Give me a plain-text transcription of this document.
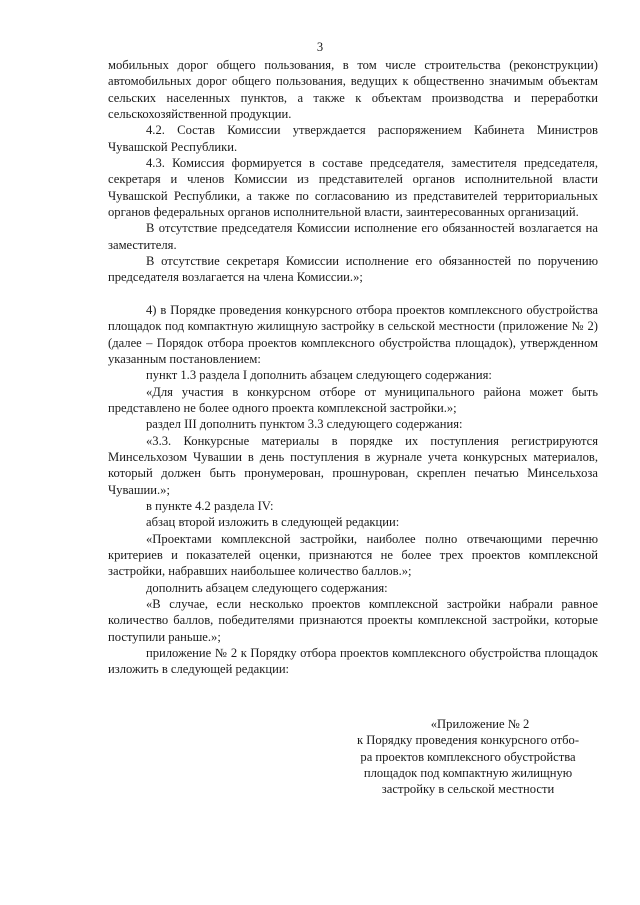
3

мобильных дорог общего пользования, в том числе строительства (реконструкции) автомобильных дорог общего пользования, ведущих к общественно значимым объектам сельских населенных пунктов, а также к объектам производства и переработки сельскохозяйственной продукции.

4.2. Состав Комиссии утверждается распоряжением Кабинета Министров Чувашской Республики.

4.3. Комиссия формируется в составе председателя, заместителя председателя, секретаря и членов Комиссии из представителей органов исполнительной власти Чувашской Республики, а также по согласованию из представителей территориальных органов федеральных органов исполнительной власти, заинтересованных организаций.

В отсутствие председателя Комиссии исполнение его обязанностей возлагается на заместителя.

В отсутствие секретаря Комиссии исполнение его обязанностей по поручению председателя возлагается на члена Комиссии.»;

4) в Порядке проведения конкурсного отбора проектов комплексного обустройства площадок под компактную жилищную застройку в сельской местности (приложение № 2) (далее – Порядок отбора проектов комплексного обустройства площадок), утвержденном указанным постановлением:

пункт 1.3 раздела I дополнить абзацем следующего содержания:

«Для участия в конкурсном отборе от муниципального района может быть представлено не более одного проекта комплексной застройки.»;

раздел III дополнить пунктом 3.3 следующего содержания:

«3.3. Конкурсные материалы в порядке их поступления регистрируются Минсельхозом Чувашии в день поступления в журнале учета конкурсных материалов, который должен быть пронумерован, прошнурован, скреплен печатью Минсельхоза Чувашии.»;

в пункте 4.2 раздела IV:

абзац второй изложить в следующей редакции:

«Проектами комплексной застройки, наиболее полно отвечающими перечню критериев и показателей оценки, признаются не более трех проектов комплексной застройки, набравших наибольшее количество баллов.»;

дополнить абзацем следующего содержания:

«В случае, если несколько проектов комплексной застройки набрали равное количество баллов, победителями признаются проекты комплексной застройки, которые поступили раньше.»;

приложение № 2 к Порядку отбора проектов комплексного обустройства площадок изложить в следующей редакции:

«Приложение № 2
к Порядку проведения конкурсного отбо-
ра проектов комплексного обустройства
площадок под компактную жилищную
застройку в сельской местности
